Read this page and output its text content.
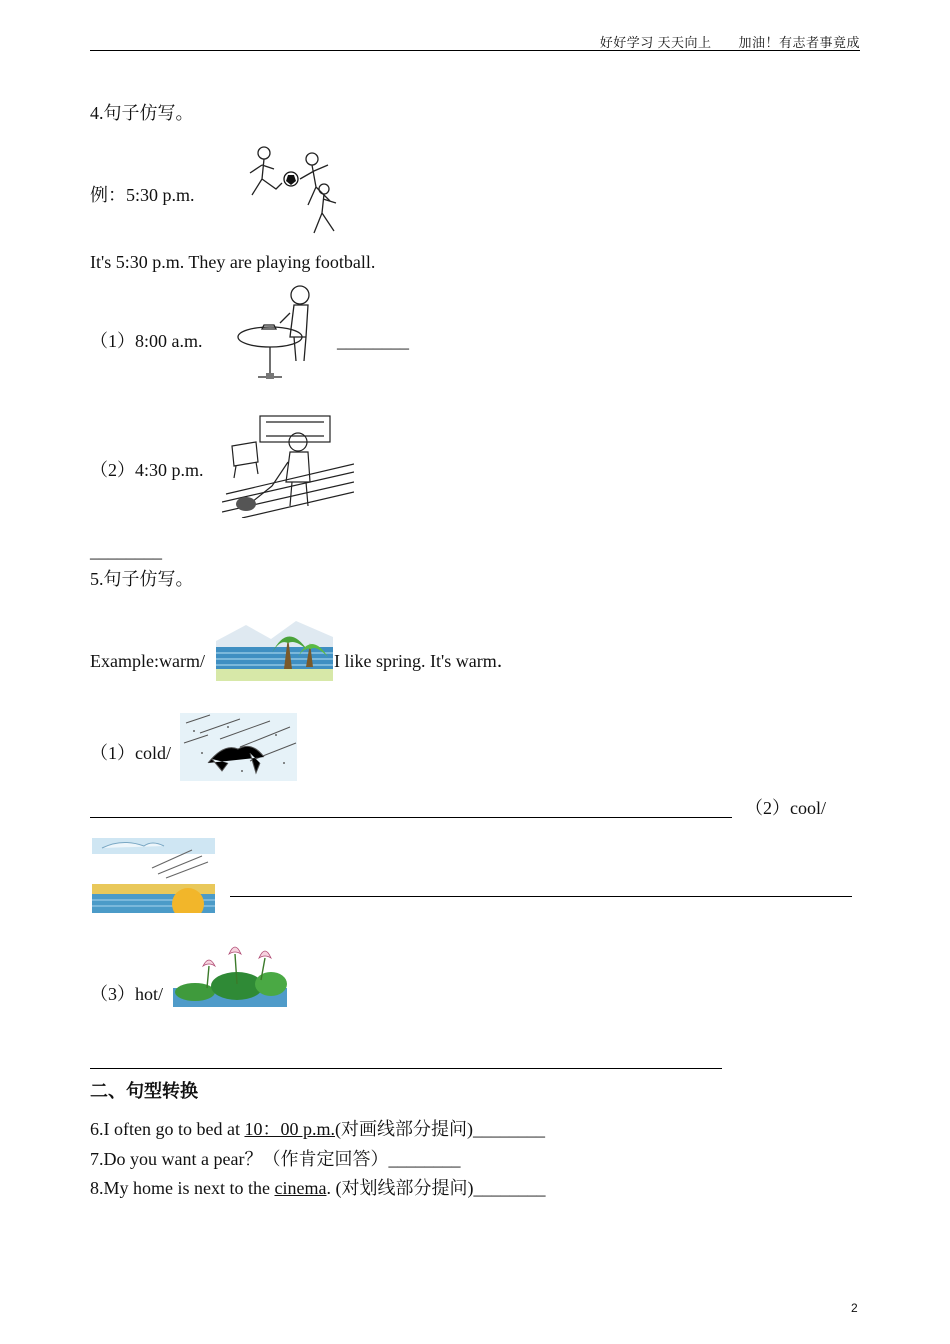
好好学习 天天向上　　加油！有志者事竟成
4.句子仿写。
例：5:30 p.m.
It's 5:30 p.m. They are playing football.
（1）8:00 a.m.	________
（2）4:30 p.m.
________
5.句子仿写。
Example:warm/	I like spring. It's warm．
（1）cold/
（2）cool/
（3）hot/
二、句型转换
6.I often go to bed at 10：00 p.m.(对画线部分提问)________
7.Do you want a pear？（作肯定回答）________
8.My home is next to the cinema. (对划线部分提问)________
2
